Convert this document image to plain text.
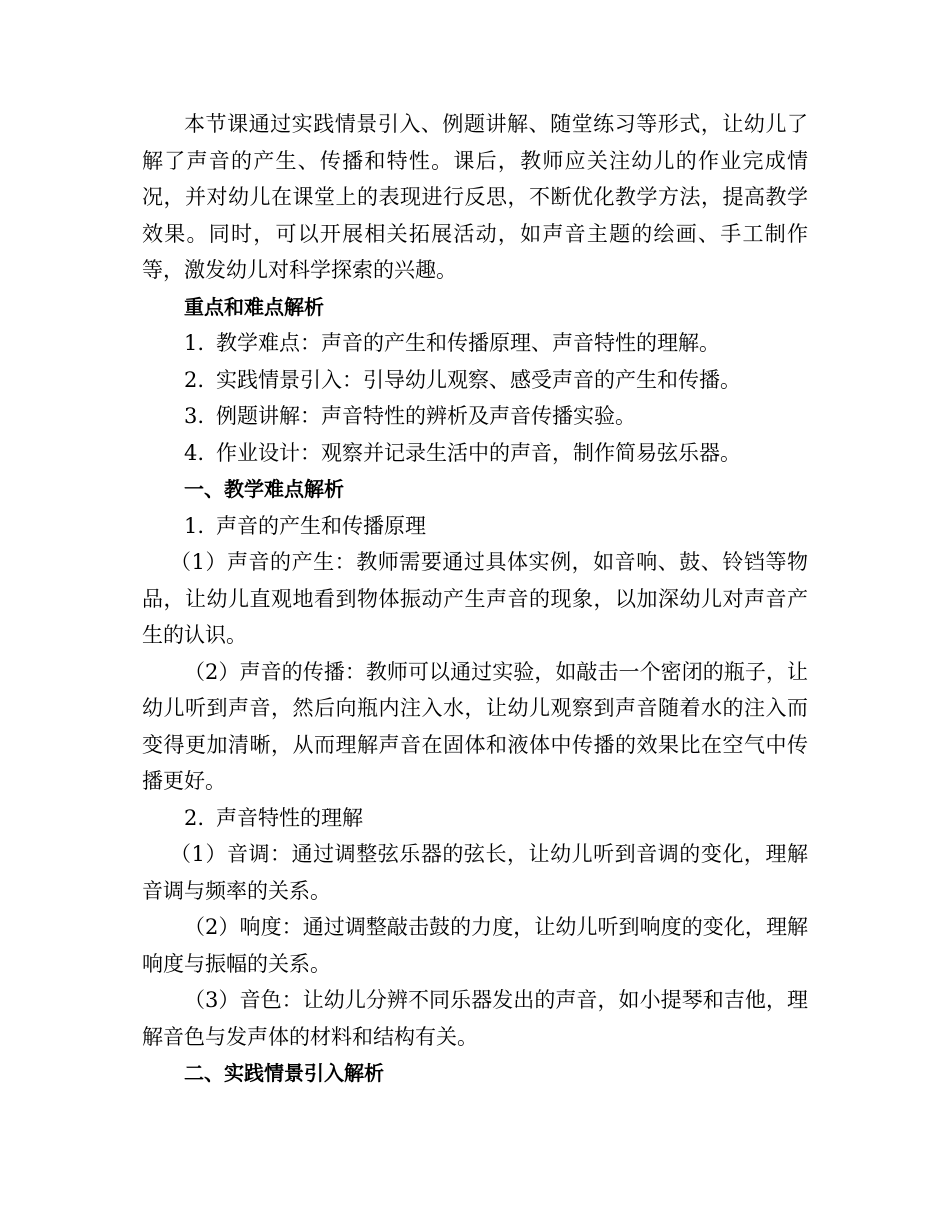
本节课通过实践情景引入、例题讲解、随堂练习等形式，让幼儿了解了声音的产生、传播和特性。课后，教师应关注幼儿的作业完成情况，并对幼儿在课堂上的表现进行反思，不断优化教学方法，提高教学效果。同时，可以开展相关拓展活动，如声音主题的绘画、手工制作等，激发幼儿对科学探索的兴趣。

重点和难点解析

1. 教学难点：声音的产生和传播原理、声音特性的理解。

2. 实践情景引入：引导幼儿观察、感受声音的产生和传播。

3. 例题讲解：声音特性的辨析及声音传播实验。

4. 作业设计：观察并记录生活中的声音，制作简易弦乐器。

一、教学难点解析

1. 声音的产生和传播原理

（1）声音的产生：教师需要通过具体实例，如音响、鼓、铃铛等物品，让幼儿直观地看到物体振动产生声音的现象，以加深幼儿对声音产生的认识。

（2）声音的传播：教师可以通过实验，如敲击一个密闭的瓶子，让幼儿听到声音，然后向瓶内注入水，让幼儿观察到声音随着水的注入而变得更加清晰，从而理解声音在固体和液体中传播的效果比在空气中传播更好。

2. 声音特性的理解

（1）音调：通过调整弦乐器的弦长，让幼儿听到音调的变化，理解音调与频率的关系。

（2）响度：通过调整敲击鼓的力度，让幼儿听到响度的变化，理解响度与振幅的关系。

（3）音色：让幼儿分辨不同乐器发出的声音，如小提琴和吉他，理解音色与发声体的材料和结构有关。

二、实践情景引入解析
